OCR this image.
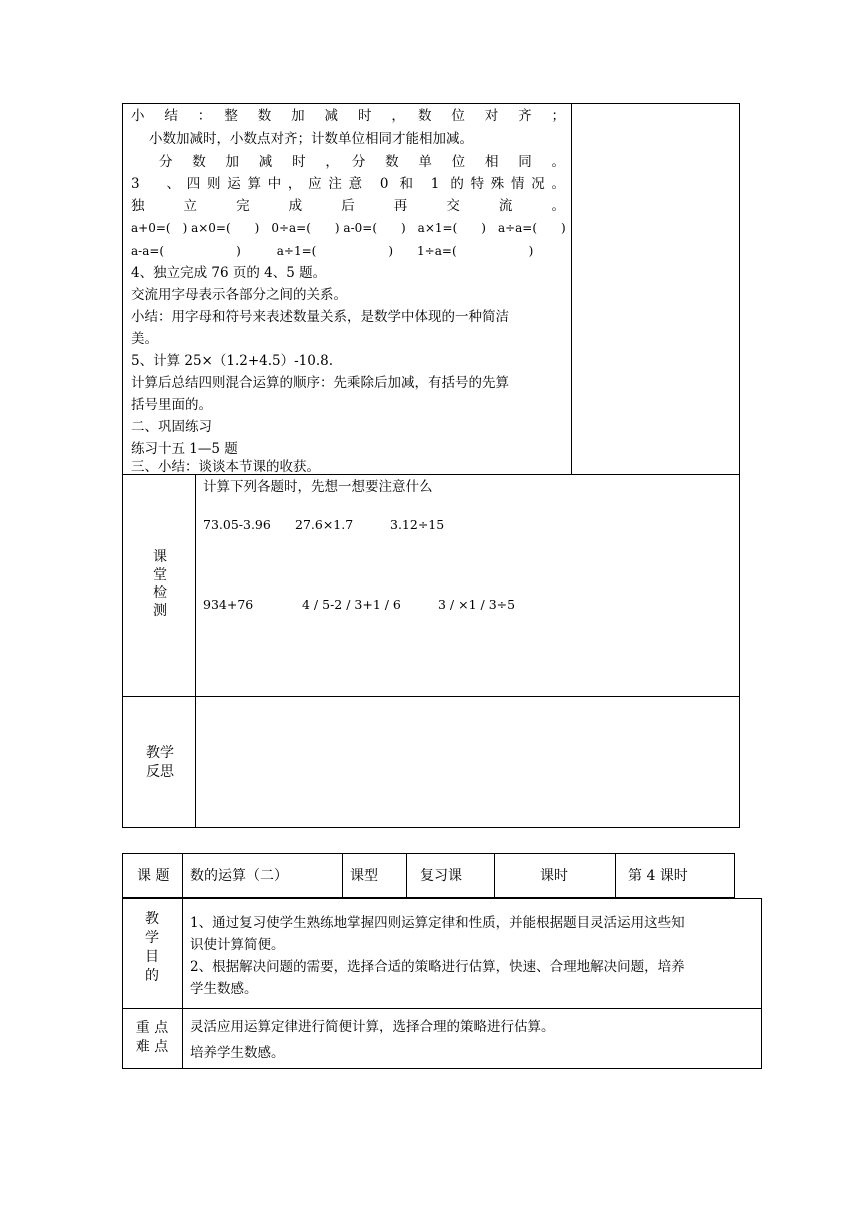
小　结　：　整　数　加　减　时　，　数　位　对　齐　；
小数加减时，小数点对齐；计数单位相同才能相加减。
分　数　加　减　时　，　分　数　单　位　相　同　。
3　、四则运算中，应注意 0 和 1 的特殊情况。
独　　立　　完　　成　　后　　再　　交　　流　　。
a+0=(　) a×0=(　　)　0÷a=(　　) a-0=(　　)　a×1=(　　)　a÷a=(　　)
a-a=(　　　　　　)　　　a÷1=(　　　　　　)　　1÷a=(　　　　　　)
4、独立完成 76 页的 4、5 题。
交流用字母表示各部分之间的关系。
小结：用字母和符号来表述数量关系，是数学中体现的一种简洁
美。
5、计算 25×（1.2+4.5）-10.8.
计算后总结四则混合运算的顺序：先乘除后加减，有括号的先算
括号里面的。
二、巩固练习
练习十五 1—5 题
三、小结：谈谈本节课的收获。
课
堂
检
测
计算下列各题时，先想一想要注意什么
73.05-3.96 27.6×1.7	3.12÷15
934+76	4 / 5-2 / 3+1 / 6	3 / ×1 / 3÷5
教学
反思
课 题 数的运算（二）	课型	复习课	课时	第 4 课时
教
学
目
的
1、通过复习使学生熟练地掌握四则运算定律和性质，并能根据题目灵活运用这些知
识使计算简便。
2、根据解决问题的需要，选择合适的策略进行估算，快速、合理地解决问题，培养
学生数感。
重 点
难 点
灵活应用运算定律进行简便计算，选择合理的策略进行估算。
培养学生数感。
